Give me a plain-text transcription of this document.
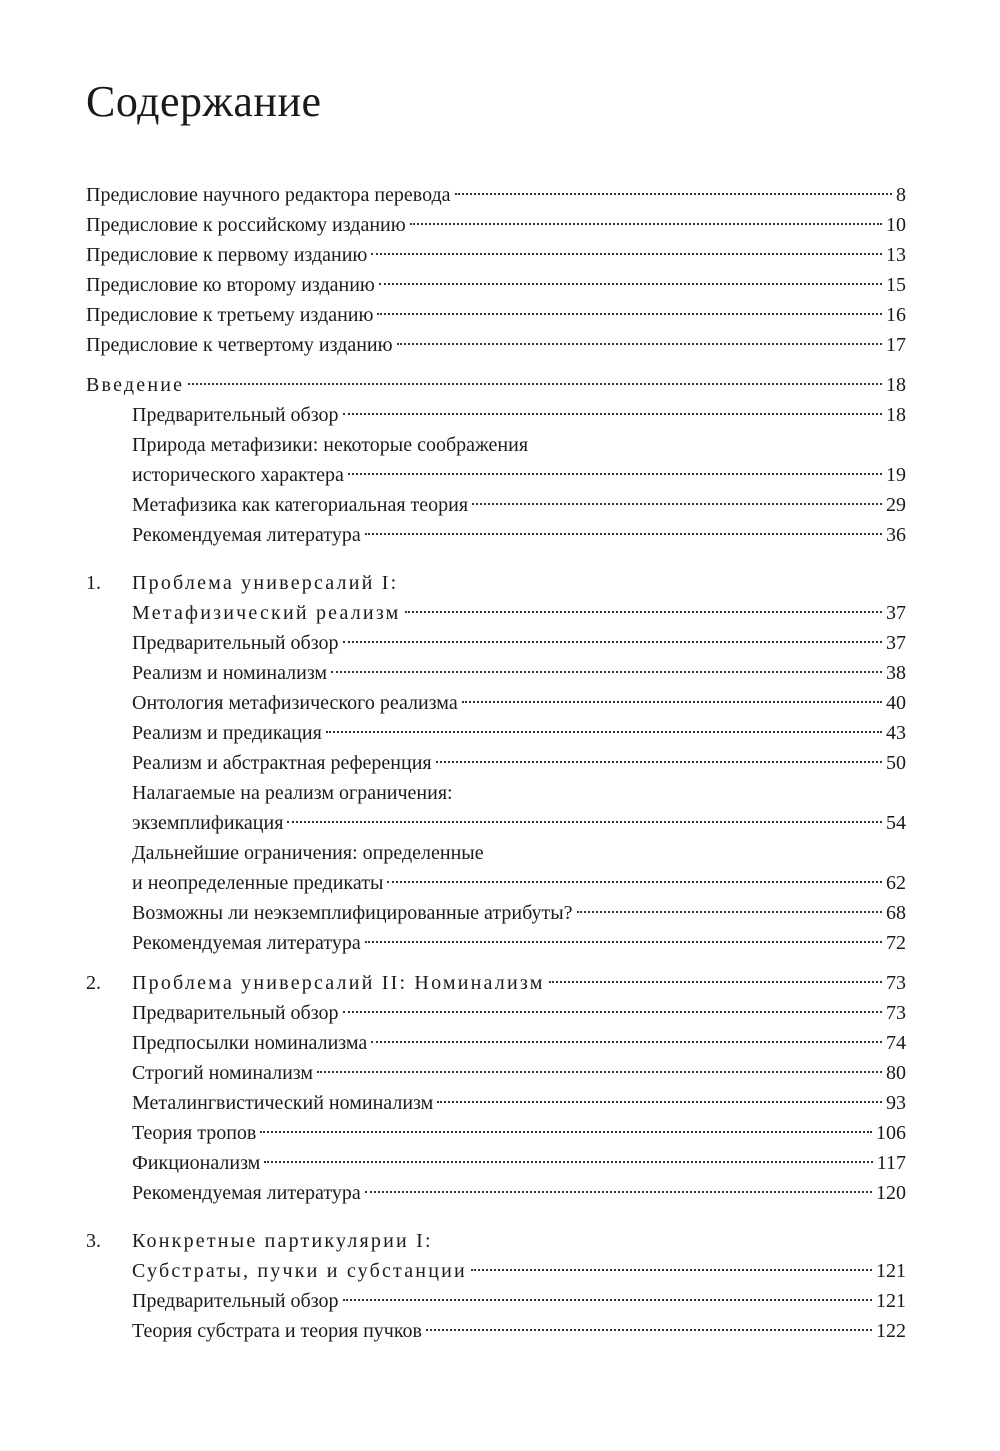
Содержание
Предисловие научного редактора перевода	8
Предисловие к российскому изданию	10
Предисловие к первому изданию	13
Предисловие ко второму изданию	15
Предисловие к третьему изданию	16
Предисловие к четвертому изданию	17
Введение	18
Предварительный обзор	18
Природа метафизики: некоторые соображения
исторического характера	19
Метафизика как категориальная теория	29
Рекомендуемая литература	36
1. Проблема универсалий I:
Метафизический реализм	37
Предварительный обзор	37
Реализм и номинализм	38
Онтология метафизического реализма	40
Реализм и предикация	43
Реализм и абстрактная референция	50
Налагаемые на реализм ограничения:
экземплификация	54
Дальнейшие ограничения: определенные
и неопределенные предикаты	62
Возможны ли неэкземплифицированные атрибуты?	68
Рекомендуемая литература	72
2. Проблема универсалий II: Номинализм	73
Предварительный обзор	73
Предпосылки номинализма	74
Строгий номинализм	80
Металингвистический номинализм	93
Теория тропов	106
Фикционализм	117
Рекомендуемая литература	120
3. Конкретные партикулярии I:
Субстраты, пучки и субстанции	121
Предварительный обзор	121
Теория субстрата и теория пучков	122
